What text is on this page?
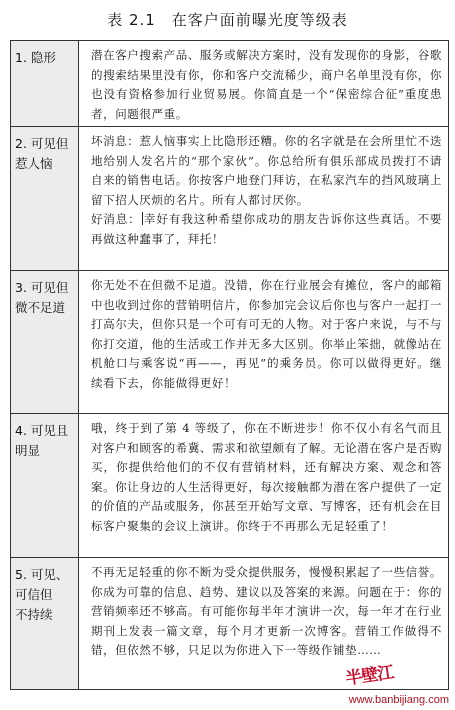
表 2.1 在客户面前曝光度等级表
1. 隐形	潜在客户搜索产品、服务或解决方案时，没有发现你的身影，谷歌的搜索结果里没有你，你和客户交流稀少，商户名单里没有你，你也没有资格参加行业贸易展。你简直是一个“保密综合征”重度患者，问题很严重。

2. 可见但
惹人恼

坏消息：惹人恼事实上比隐形还糟。你的名字就是在会所里忙不迭地给别人发名片的“那个家伙”。你总给所有俱乐部成员拨打不请自来的销售电话。你按客户地登门拜访，在私家汽车的挡风玻璃上留下招人厌烦的名片。所有人都讨厌你。

好消息： 幸好有我这种希望你成功的朋友告诉你这些真话。不要再做这种蠢事了，拜托！

3. 可见但
微不足道

你无处不在但微不足道。没错，你在行业展会有摊位，客户的邮箱中也收到过你的营销明信片，你参加完会议后你也与客户一起打一打高尔夫，但你只是一个可有可无的人物。对于客户来说，与不与你打交道，他的生活或工作并无多大区别。你举止笨拙，就像站在机舱口与乘客说“再——，再见”的乘务员。你可以做得更好。继续看下去，你能做得更好！

4. 可见且
明显

哦，终于到了第 4 等级了，你在不断进步！你不仅小有名气而且对客户和顾客的希冀、需求和欲望颇有了解。无论潜在客户是否购买，你提供给他们的不仅有营销材料，还有解决方案、观念和答案。你让身边的人生活得更好，每次接触都为潜在客户提供了一定的价值的产品或服务，你甚至开始写文章、写博客，还有机会在目标客户聚集的会议上演讲。你终于不再那么无足轻重了！

5. 可见、
可信但
不持续

不再无足轻重的你不断为受众提供服务，慢慢积累起了一些信誉。你成为可靠的信息、趋势、建议以及答案的来源。问题在于：你的营销频率还不够高。有可能你每半年才演讲一次，每一年才在行业期刊上发表一篇文章，每个月才更新一次博客。营销工作做得不错，但依然不够，只足以为你进入下一等级作铺垫……

半壁江
www.banbijiang.com
